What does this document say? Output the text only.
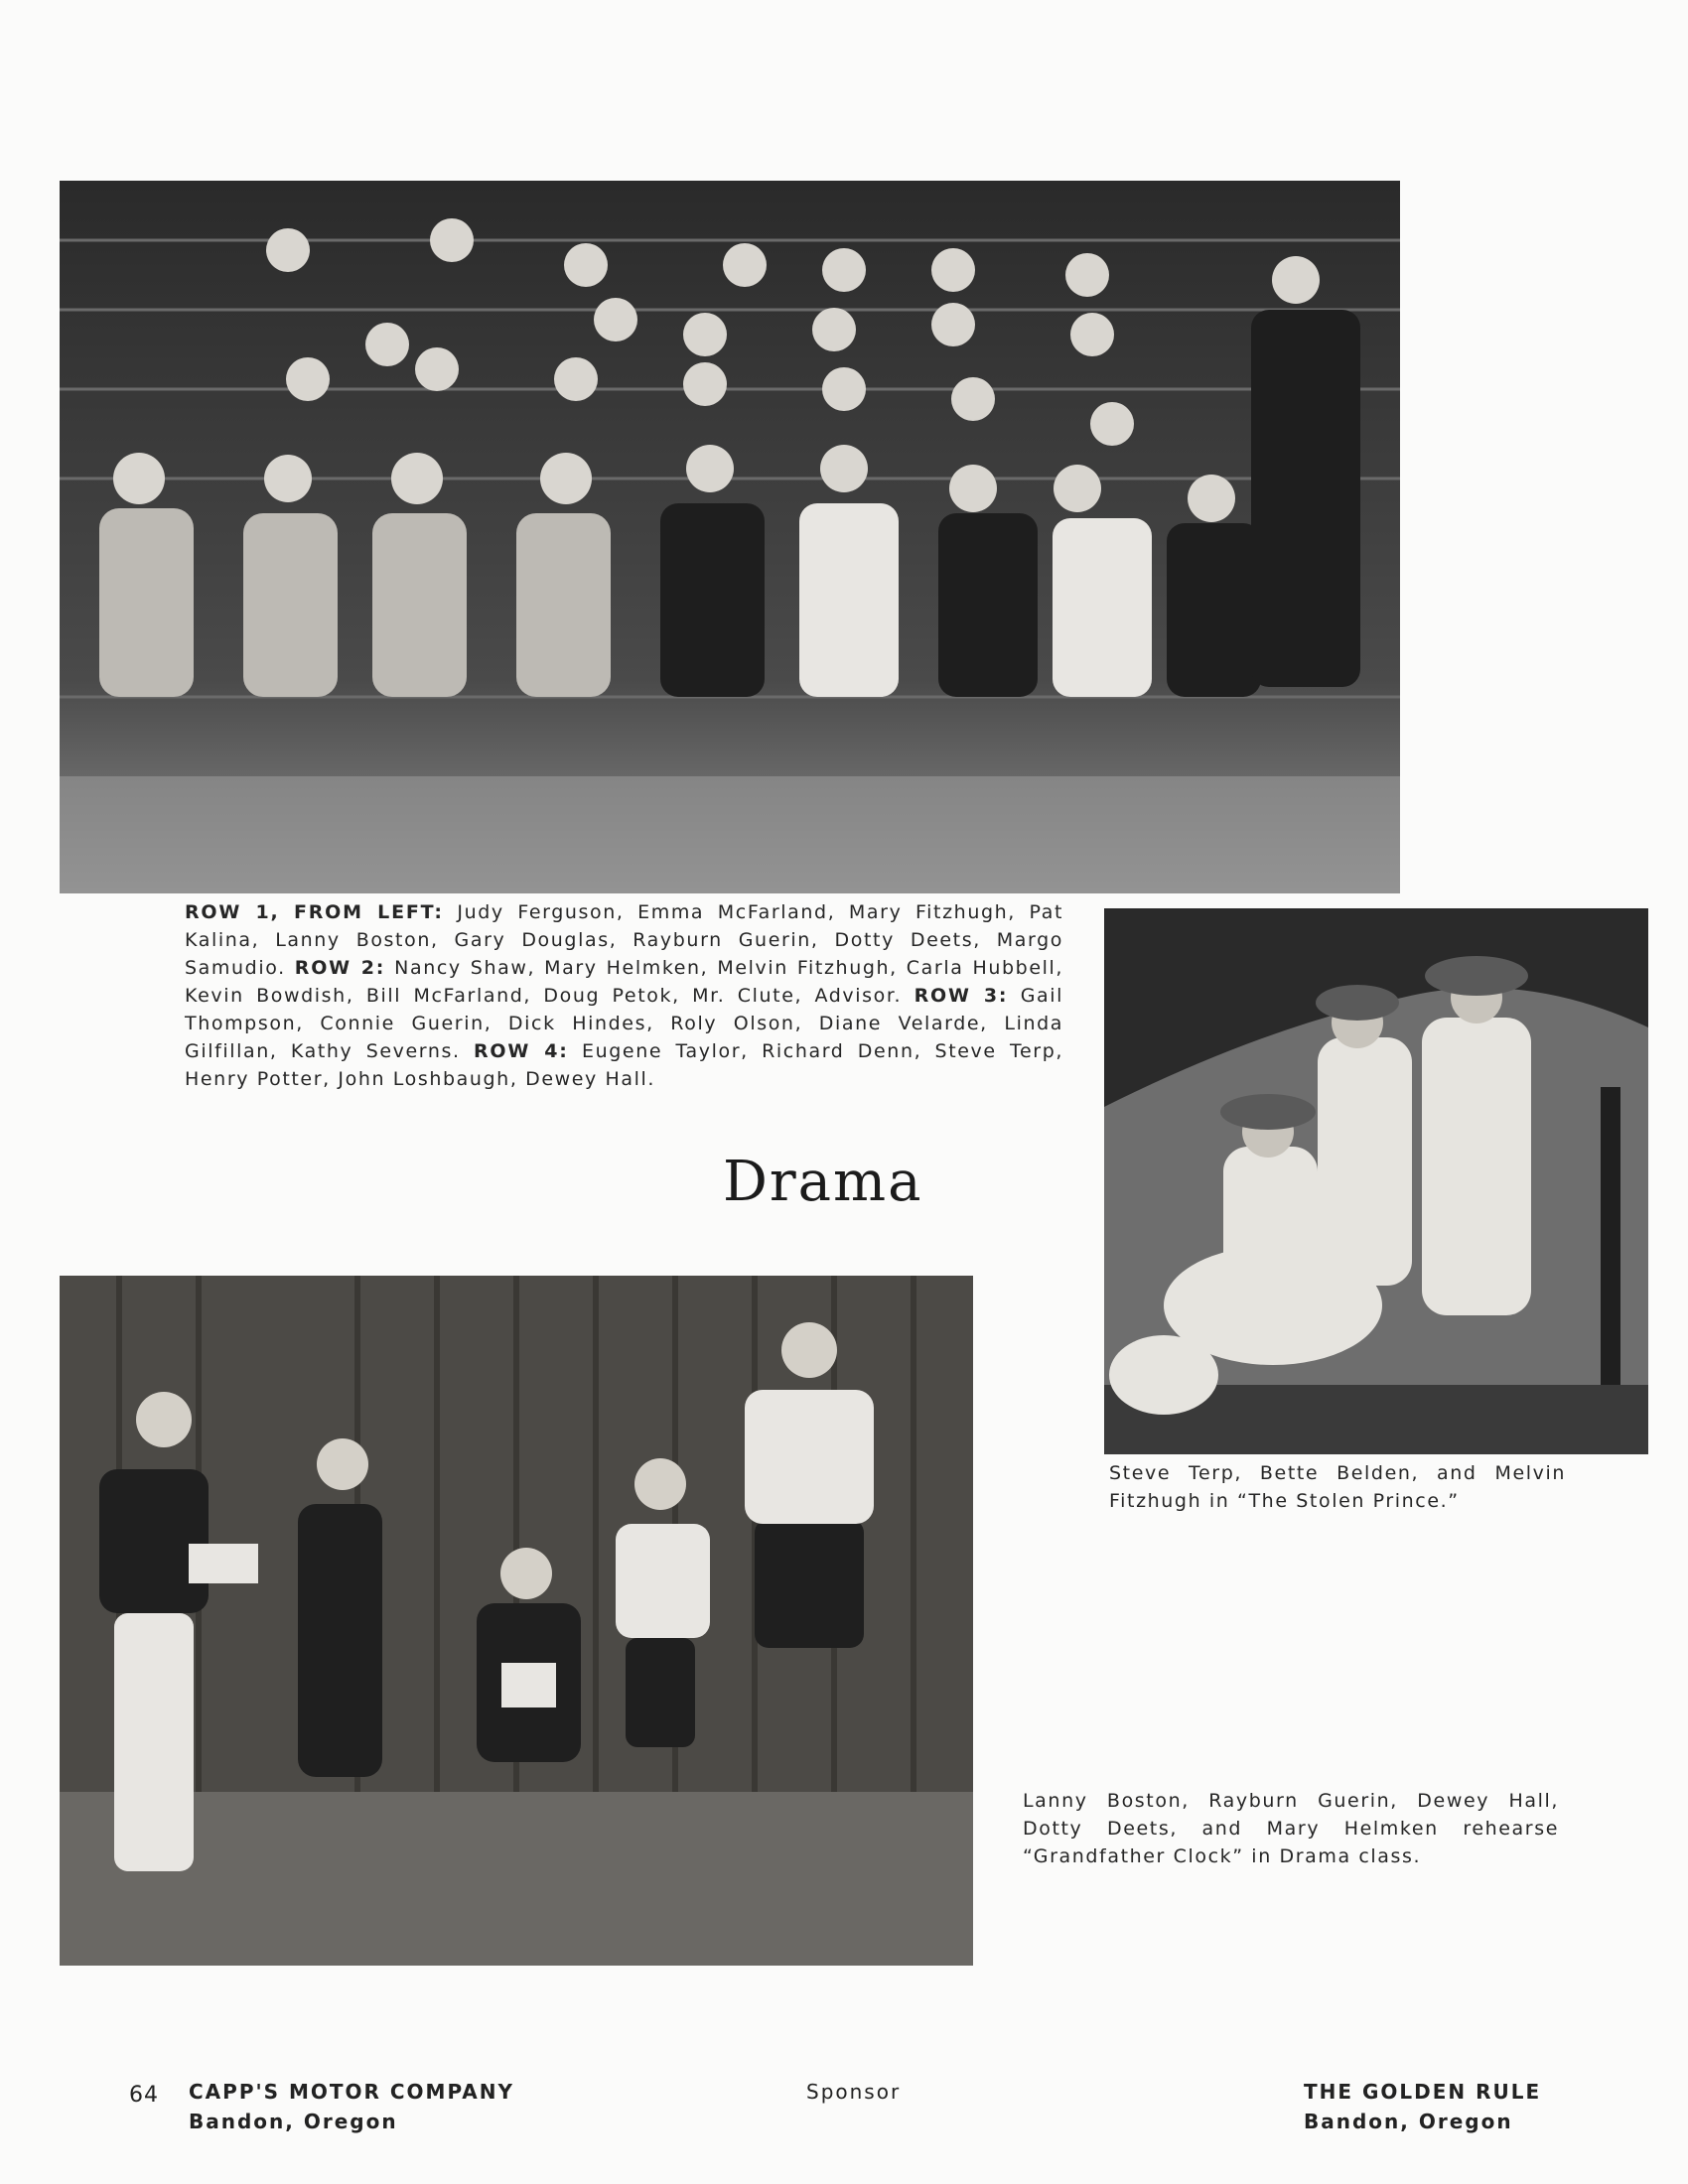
ROW 1, FROM LEFT: Judy Ferguson, Emma McFarland, Mary Fitzhugh, Pat Kalina, Lanny Boston, Gary Douglas, Rayburn Guerin, Dotty Deets, Margo Samudio. ROW 2: Nancy Shaw, Mary Helmken, Melvin Fitzhugh, Carla Hubbell, Kevin Bowdish, Bill McFarland, Doug Petok, Mr. Clute, Advisor. ROW 3: Gail Thompson, Connie Guerin, Dick Hindes, Roly Olson, Diane Velarde, Linda Gilfillan, Kathy Severns. ROW 4: Eugene Taylor, Richard Denn, Steve Terp, Henry Potter, John Loshbaugh, Dewey Hall.
Drama
Steve Terp, Bette Belden, and Melvin Fitzhugh in “The Stolen Prince.”
Lanny Boston, Rayburn Guerin, Dewey Hall, Dotty Deets, and Mary Helmken rehearse “Grandfather Clock” in Drama class.
64 CAPP'S MOTOR COMPANY
Bandon, Oregon
Sponsor	THE GOLDEN RULE
Bandon, Oregon
